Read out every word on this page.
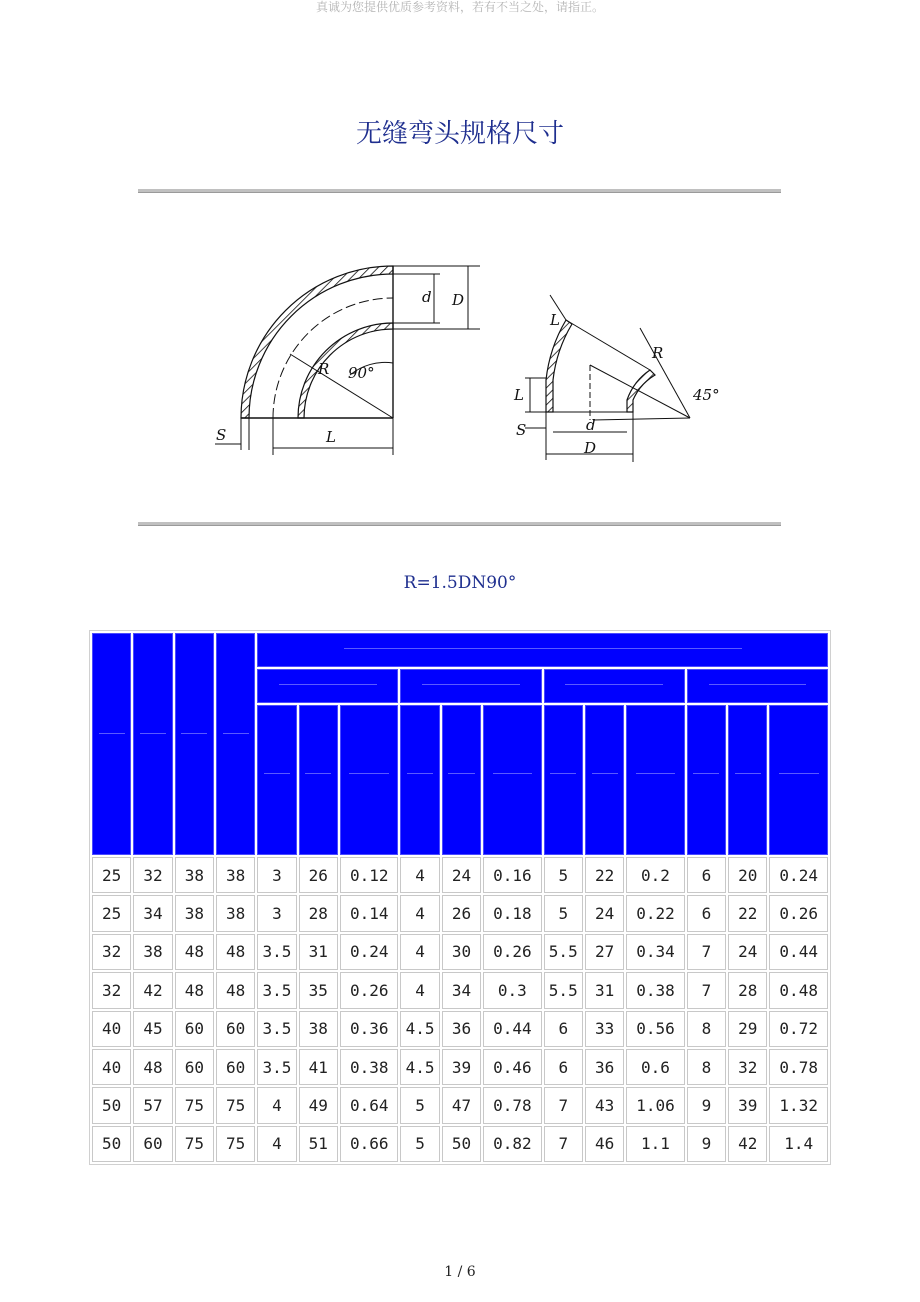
真诚为您提供优质参考资料，若有不当之处，请指正。
无缝弯头规格尺寸
d D
R 90°
S	L
L
R
L	45°
S	d
D
R=1.5DN90°

25	32	38	38	3	26	0.12	4	24	0.16	5	22	0.2	6	20	0.24
25	34	38	38	3	28	0.14	4	26	0.18	5	24	0.22	6	22	0.26
32	38	48	48	3.5	31	0.24	4	30	0.26	5.5	27	0.34	7	24	0.44
32	42	48	48	3.5	35	0.26	4	34	0.3	5.5	31	0.38	7	28	0.48
40	45	60	60	3.5	38	0.36	4.5	36	0.44	6	33	0.56	8	29	0.72
40	48	60	60	3.5	41	0.38	4.5	39	0.46	6	36	0.6	8	32	0.78
50	57	75	75	4	49	0.64	5	47	0.78	7	43	1.06	9	39	1.32
50	60	75	75	4	51	0.66	5	50	0.82	7	46	1.1	9	42	1.4
1 / 6
